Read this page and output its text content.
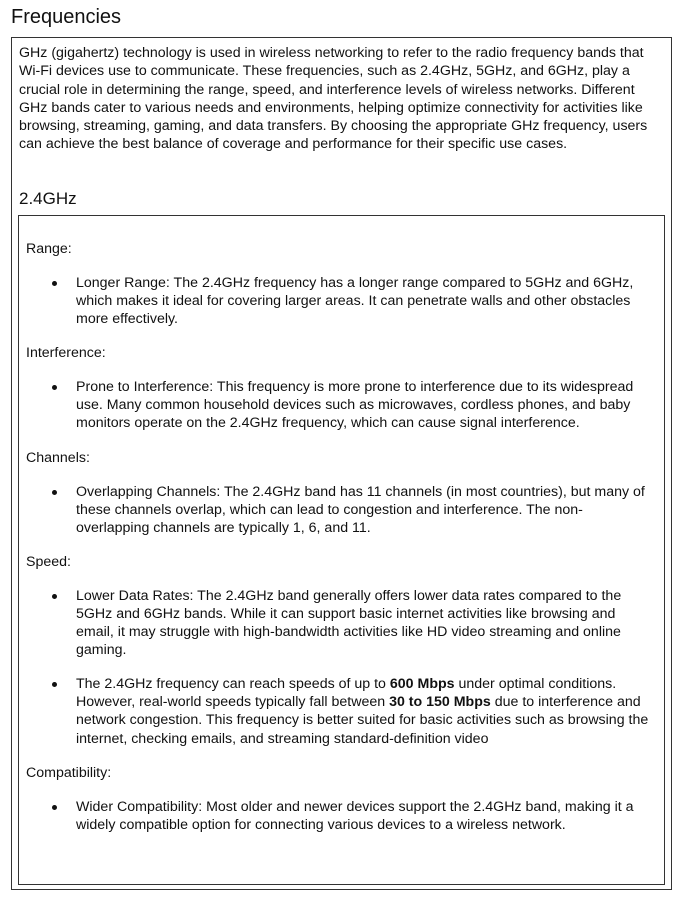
Frequencies

GHz (gigahertz) technology is used in wireless networking to refer to the radio frequency bands that Wi-Fi devices use to communicate. These frequencies, such as 2.4GHz, 5GHz, and 6GHz, play a crucial role in determining the range, speed, and interference levels of wireless networks. Different GHz bands cater to various needs and environments, helping optimize connectivity for activities like browsing, streaming, gaming, and data transfers. By choosing the appropriate GHz frequency, users can achieve the best balance of coverage and performance for their specific use cases.

2.4GHz
Range:
Longer Range: The 2.4GHz frequency has a longer range compared to 5GHz and 6GHz, which makes it ideal for covering larger areas. It can penetrate walls and other obstacles more effectively.
Interference:
Prone to Interference: This frequency is more prone to interference due to its widespread use. Many common household devices such as microwaves, cordless phones, and baby monitors operate on the 2.4GHz frequency, which can cause signal interference.
Channels:
Overlapping Channels: The 2.4GHz band has 11 channels (in most countries), but many of these channels overlap, which can lead to congestion and interference. The non-overlapping channels are typically 1, 6, and 11.
Speed:
Lower Data Rates: The 2.4GHz band generally offers lower data rates compared to the 5GHz and 6GHz bands. While it can support basic internet activities like browsing and email, it may struggle with high-bandwidth activities like HD video streaming and online gaming.
The 2.4GHz frequency can reach speeds of up to 600 Mbps under optimal conditions. However, real-world speeds typically fall between 30 to 150 Mbps due to interference and network congestion. This frequency is better suited for basic activities such as browsing the internet, checking emails, and streaming standard-definition video
Compatibility:
Wider Compatibility: Most older and newer devices support the 2.4GHz band, making it a widely compatible option for connecting various devices to a wireless network.
